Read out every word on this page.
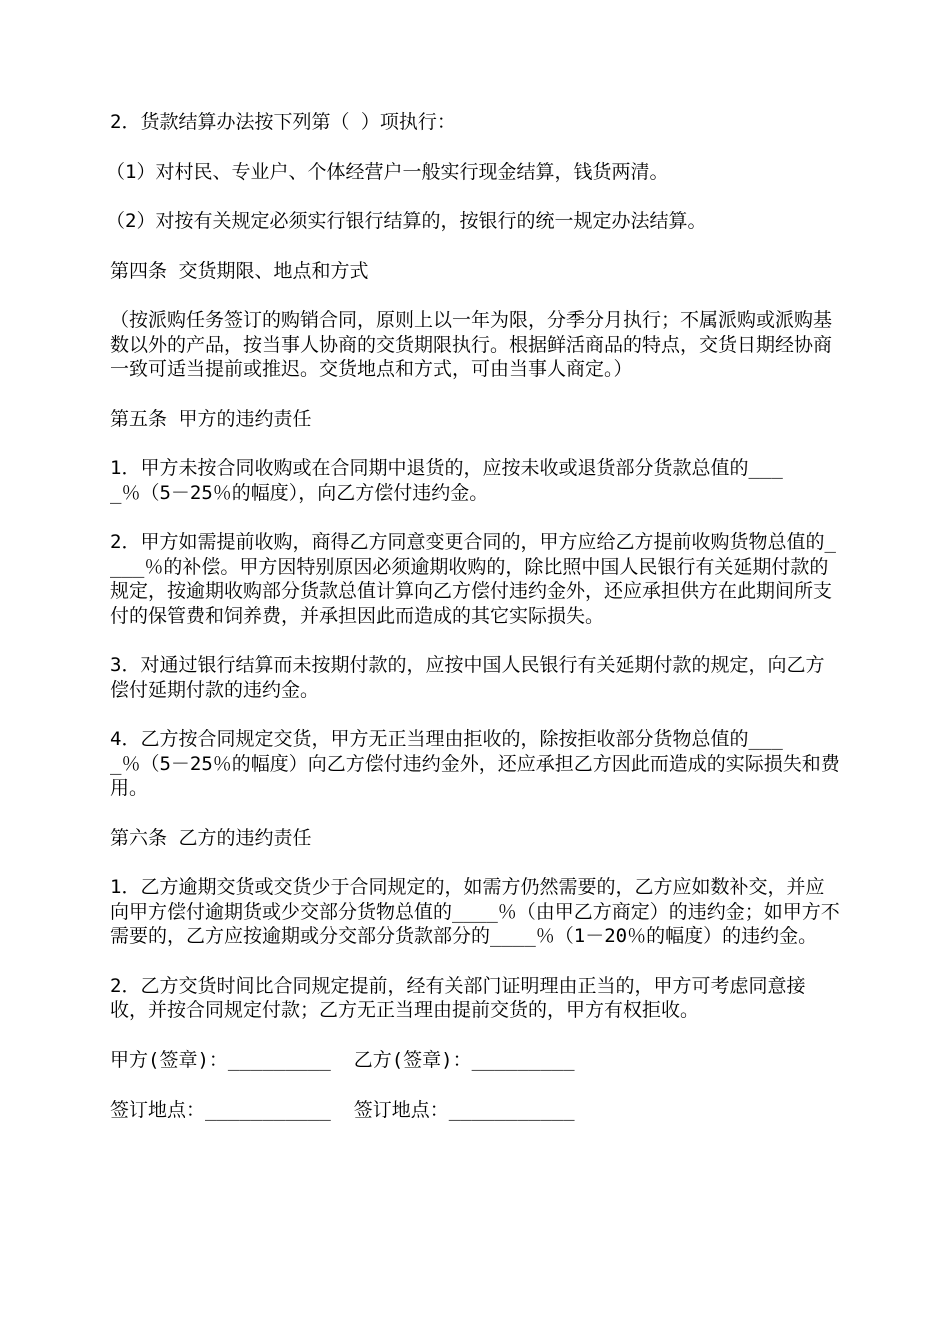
2．货款结算办法按下列第（ ）项执行：

（1）对村民、专业户、个体经营户一般实行现金结算，钱货两清。

（2）对按有关规定必须实行银行结算的，按银行的统一规定办法结算。

第四条 交货期限、地点和方式

（按派购任务签订的购销合同，原则上以一年为限，分季分月执行；不属派购或派购基数以外的产品，按当事人协商的交货期限执行。根据鲜活商品的特点，交货日期经协商一致可适当提前或推迟。交货地点和方式，可由当事人商定。）

第五条 甲方的违约责任

1．甲方未按合同收购或在合同期中退货的，应按未收或退货部分货款总值的____％（5－25％的幅度），向乙方偿付违约金。

2．甲方如需提前收购，商得乙方同意变更合同的，甲方应给乙方提前收购货物总值的____％的补偿。甲方因特别原因必须逾期收购的，除比照中国人民银行有关延期付款的规定，按逾期收购部分货款总值计算向乙方偿付违约金外，还应承担供方在此期间所支付的保管费和饲养费，并承担因此而造成的其它实际损失。

3．对通过银行结算而未按期付款的，应按中国人民银行有关延期付款的规定，向乙方偿付延期付款的违约金。

4．乙方按合同规定交货，甲方无正当理由拒收的，除按拒收部分货物总值的____％（5－25％的幅度）向乙方偿付违约金外，还应承担乙方因此而造成的实际损失和费用。

第六条 乙方的违约责任

1．乙方逾期交货或交货少于合同规定的，如需方仍然需要的，乙方应如数补交，并应向甲方偿付逾期货或少交部分货物总值的____％（由甲乙方商定）的违约金；如甲方不需要的，乙方应按逾期或分交部分货款部分的____％（1－20％的幅度）的违约金。

2．乙方交货时间比合同规定提前，经有关部门证明理由正当的，甲方可考虑同意接收，并按合同规定付款；乙方无正当理由提前交货的，甲方有权拒收。

甲方(签章)：_________  乙方(签章)：_________

签订地点：___________  签订地点：___________
